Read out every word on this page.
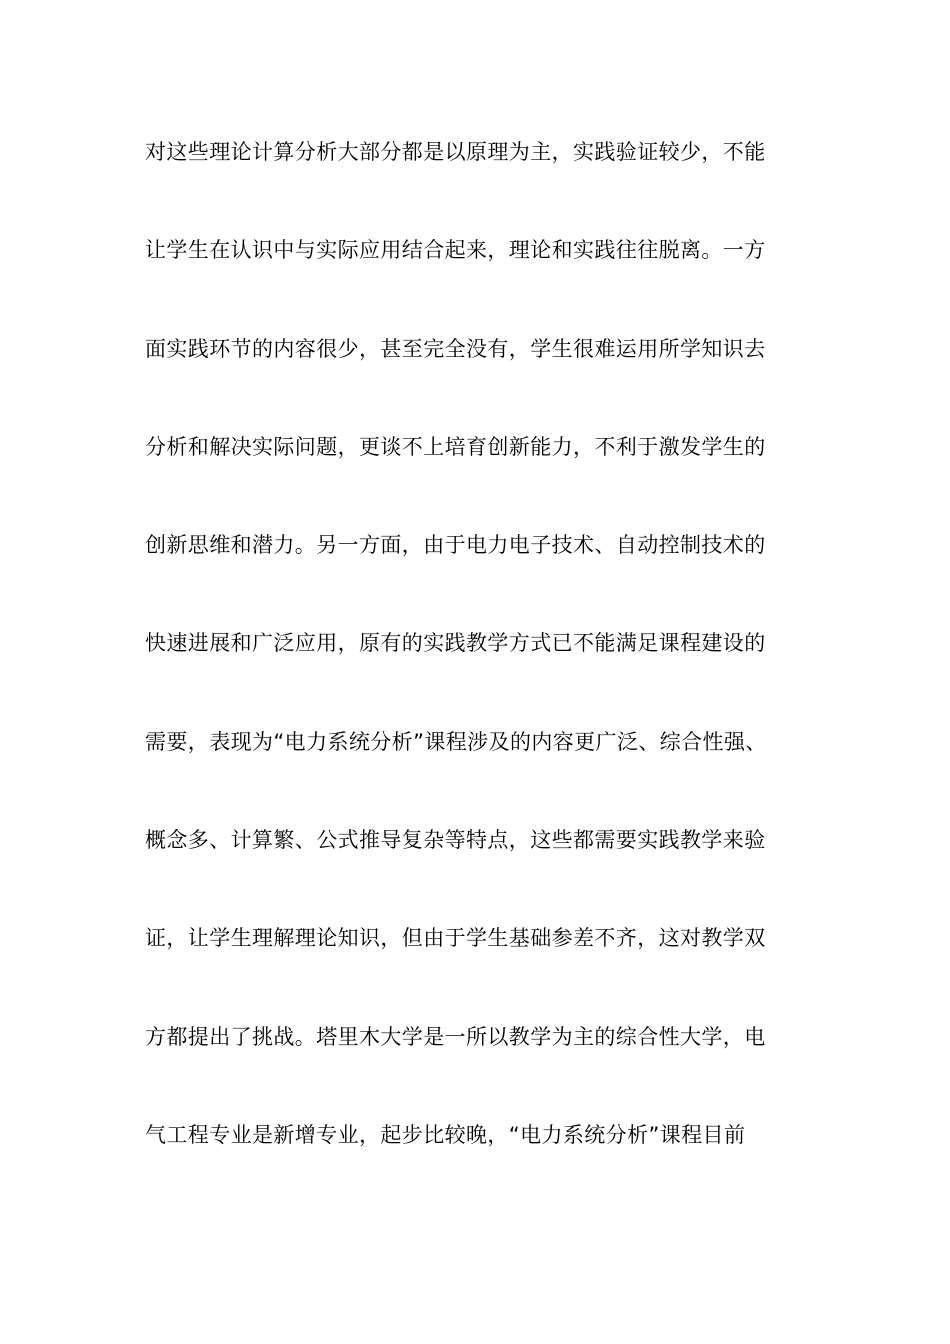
对这些理论计算分析大部分都是以原理为主，实践验证较少，不能
让学生在认识中与实际应用结合起来，理论和实践往往脱离。一方
面实践环节的内容很少，甚至完全没有，学生很难运用所学知识去
分析和解决实际问题，更谈不上培育创新能力，不利于激发学生的
创新思维和潜力。另一方面，由于电力电子技术、自动控制技术的
快速进展和广泛应用，原有的实践教学方式已不能满足课程建设的
需要，表现为“电力系统分析”课程涉及的内容更广泛、综合性强、
概念多、计算繁、公式推导复杂等特点，这些都需要实践教学来验
证，让学生理解理论知识，但由于学生基础参差不齐，这对教学双
方都提出了挑战。塔里木大学是一所以教学为主的综合性大学，电
气工程专业是新增专业，起步比较晚，“电力系统分析”课程目前
